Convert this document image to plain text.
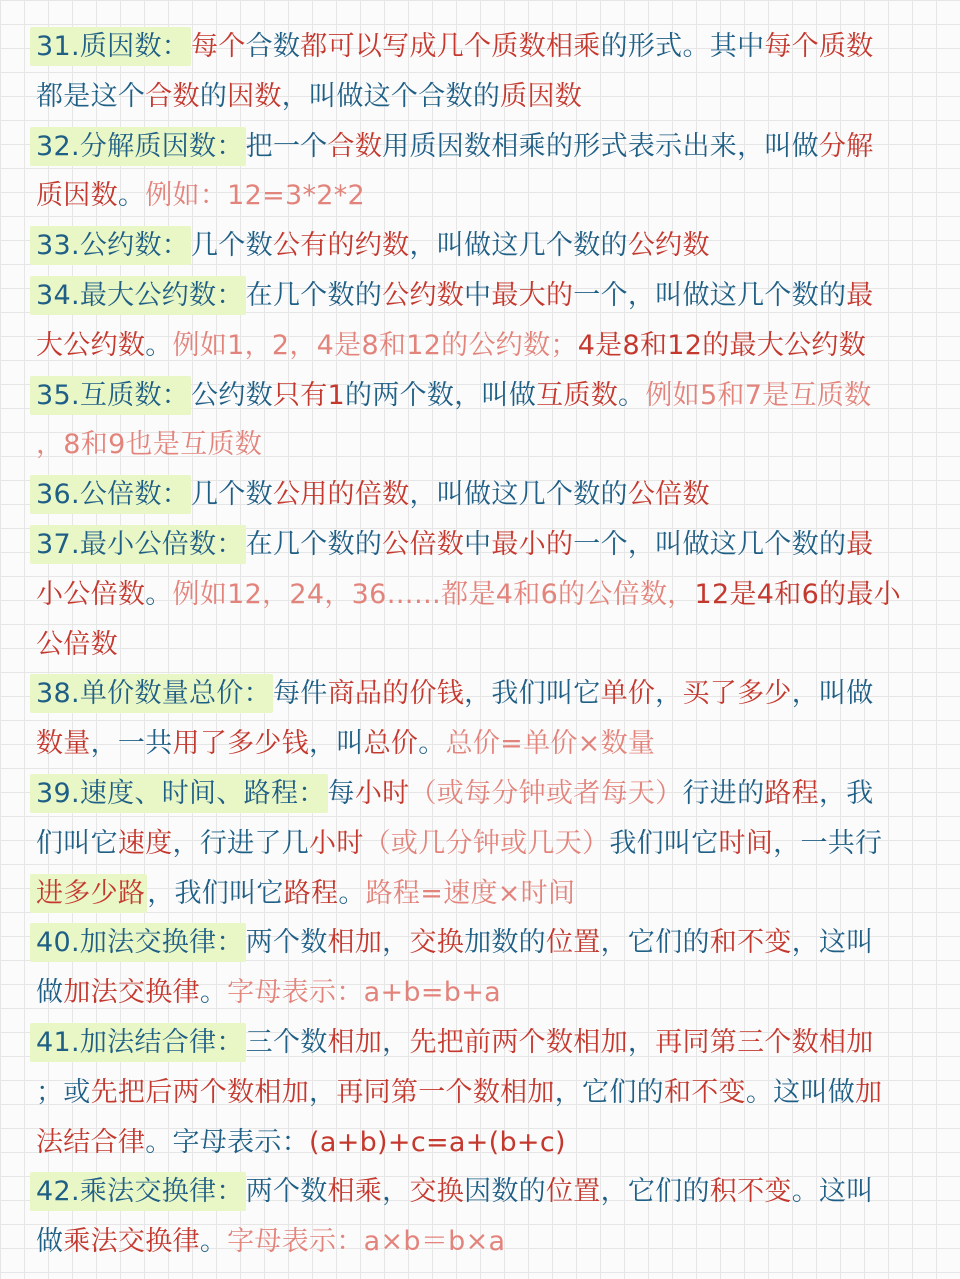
31.质因数：每个合数都可以写成几个质数相乘的形式。其中每个质数
都是这个合数的因数，叫做这个合数的质因数
32.分解质因数：把一个合数用质因数相乘的形式表示出来，叫做分解
质因数。例如：12=3*2*2
33.公约数：几个数公有的约数，叫做这几个数的公约数
34.最大公约数：在几个数的公约数中最大的一个，叫做这几个数的最
大公约数。例如1，2，4是8和12的公约数；4是8和12的最大公约数
35.互质数：公约数只有1的两个数，叫做互质数。例如5和7是互质数
，8和9也是互质数
36.公倍数：几个数公用的倍数，叫做这几个数的公倍数
37.最小公倍数：在几个数的公倍数中最小的一个，叫做这几个数的最
小公倍数。例如12，24，36……都是4和6的公倍数，12是4和6的最小
公倍数
38.单价数量总价：每件商品的价钱，我们叫它单价，买了多少，叫做
数量，一共用了多少钱，叫总价。总价=单价×数量
39.速度、时间、路程：每小时（或每分钟或者每天）行进的路程，我
们叫它速度，行进了几小时（或几分钟或几天）我们叫它时间，一共行
进多少路，我们叫它路程。路程=速度×时间
40.加法交换律：两个数相加，交换加数的位置，它们的和不变，这叫
做加法交换律。字母表示：a+b=b+a
41.加法结合律：三个数相加，先把前两个数相加，再同第三个数相加
；或先把后两个数相加，再同第一个数相加，它们的和不变。这叫做加
法结合律。字母表示：(a+b)+c=a+(b+c)
42.乘法交换律：两个数相乘，交换因数的位置，它们的积不变。这叫
做乘法交换律。字母表示：a×b＝b×a
